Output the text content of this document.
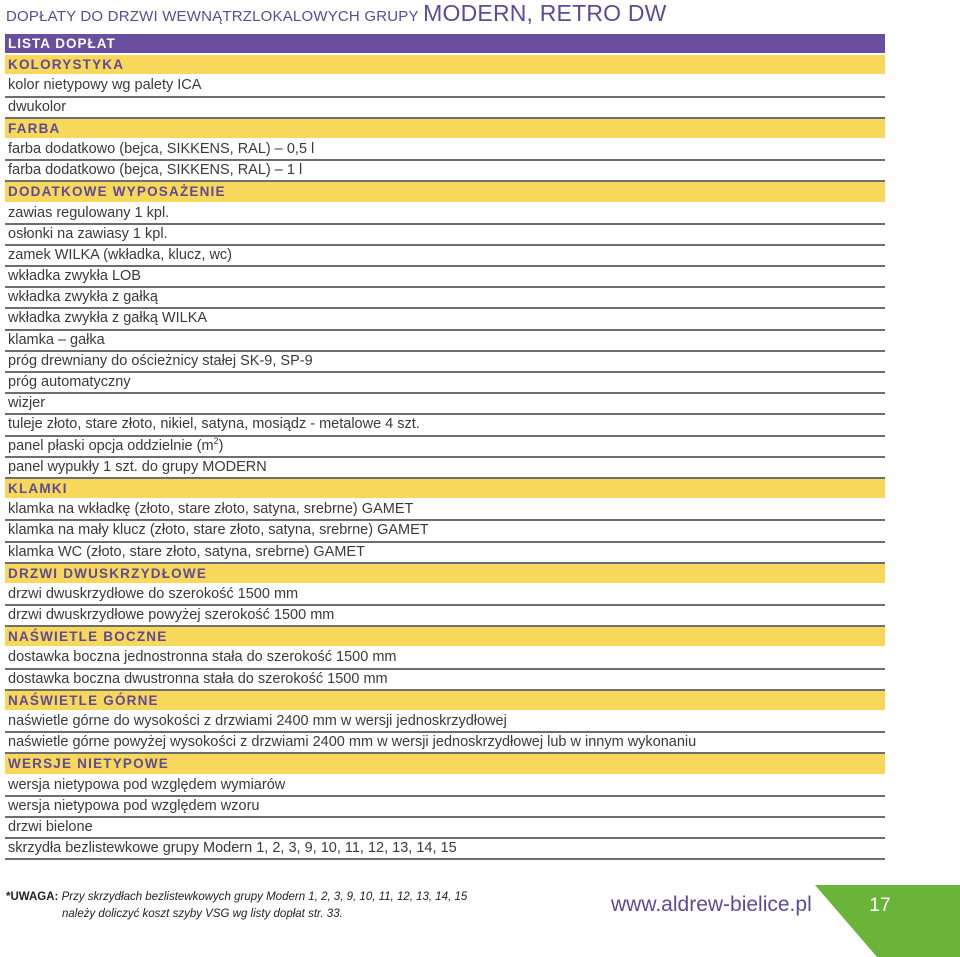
DOPŁATY DO DRZWI WEWNĄTRZLOKALOWYCH GRUPY MODERN, RETRO DW
LISTA DOPŁAT
KOLORYSTYKA
kolor nietypowy wg palety ICA
dwukolor
FARBA
farba dodatkowo (bejca, SIKKENS, RAL) – 0,5 l
farba dodatkowo (bejca, SIKKENS, RAL) – 1 l
DODATKOWE WYPOSAŻENIE
zawias regulowany 1 kpl.
osłonki na zawiasy 1 kpl.
zamek WILKA (wkładka, klucz, wc)
wkładka zwykła LOB
wkładka zwykła z gałką
wkładka zwykła z gałką WILKA
klamka – gałka
próg drewniany do ościeżnicy stałej SK-9, SP-9
próg automatyczny
wizjer
tuleje złoto, stare złoto, nikiel, satyna, mosiądz - metalowe 4 szt.
panel płaski opcja oddzielnie $(m^2)$
panel wypukły 1 szt. do grupy MODERN
KLAMKI
klamka na wkładkę (złoto, stare złoto, satyna, srebrne) GAMET
klamka na mały klucz (złoto, stare złoto, satyna, srebrne) GAMET
klamka WC (złoto, stare złoto, satyna, srebrne) GAMET
DRZWI DWUSKRZYDŁOWE
drzwi dwuskrzydłowe do szerokość 1500 mm
drzwi dwuskrzydłowe powyżej szerokość 1500 mm
NAŚWIETLE BOCZNE
dostawka boczna jednostronna stała do szerokość 1500 mm
dostawka boczna dwustronna stała do szerokość 1500 mm
NAŚWIETLE GÓRNE
naświetle górne do wysokości z drzwiami 2400 mm w wersji jednoskrzydłowej
naświetle górne powyżej wysokości z drzwiami 2400 mm w wersji jednoskrzydłowej lub w innym wykonaniu
WERSJE NIETYPOWE
wersja nietypowa pod względem wymiarów
wersja nietypowa pod względem wzoru
drzwi bielone
skrzydła bezlistewkowe grupy Modern 1, 2, 3, 9, 10, 11, 12, 13, 14, 15
*UWAGA: Przy skrzydłach bezlistewkowych grupy Modern 1, 2, 3, 9, 10, 11, 12, 13, 14, 15
należy doliczyć koszt szyby VSG wg listy dopłat str. 33.	www.aldrew-bielice.pl	17
